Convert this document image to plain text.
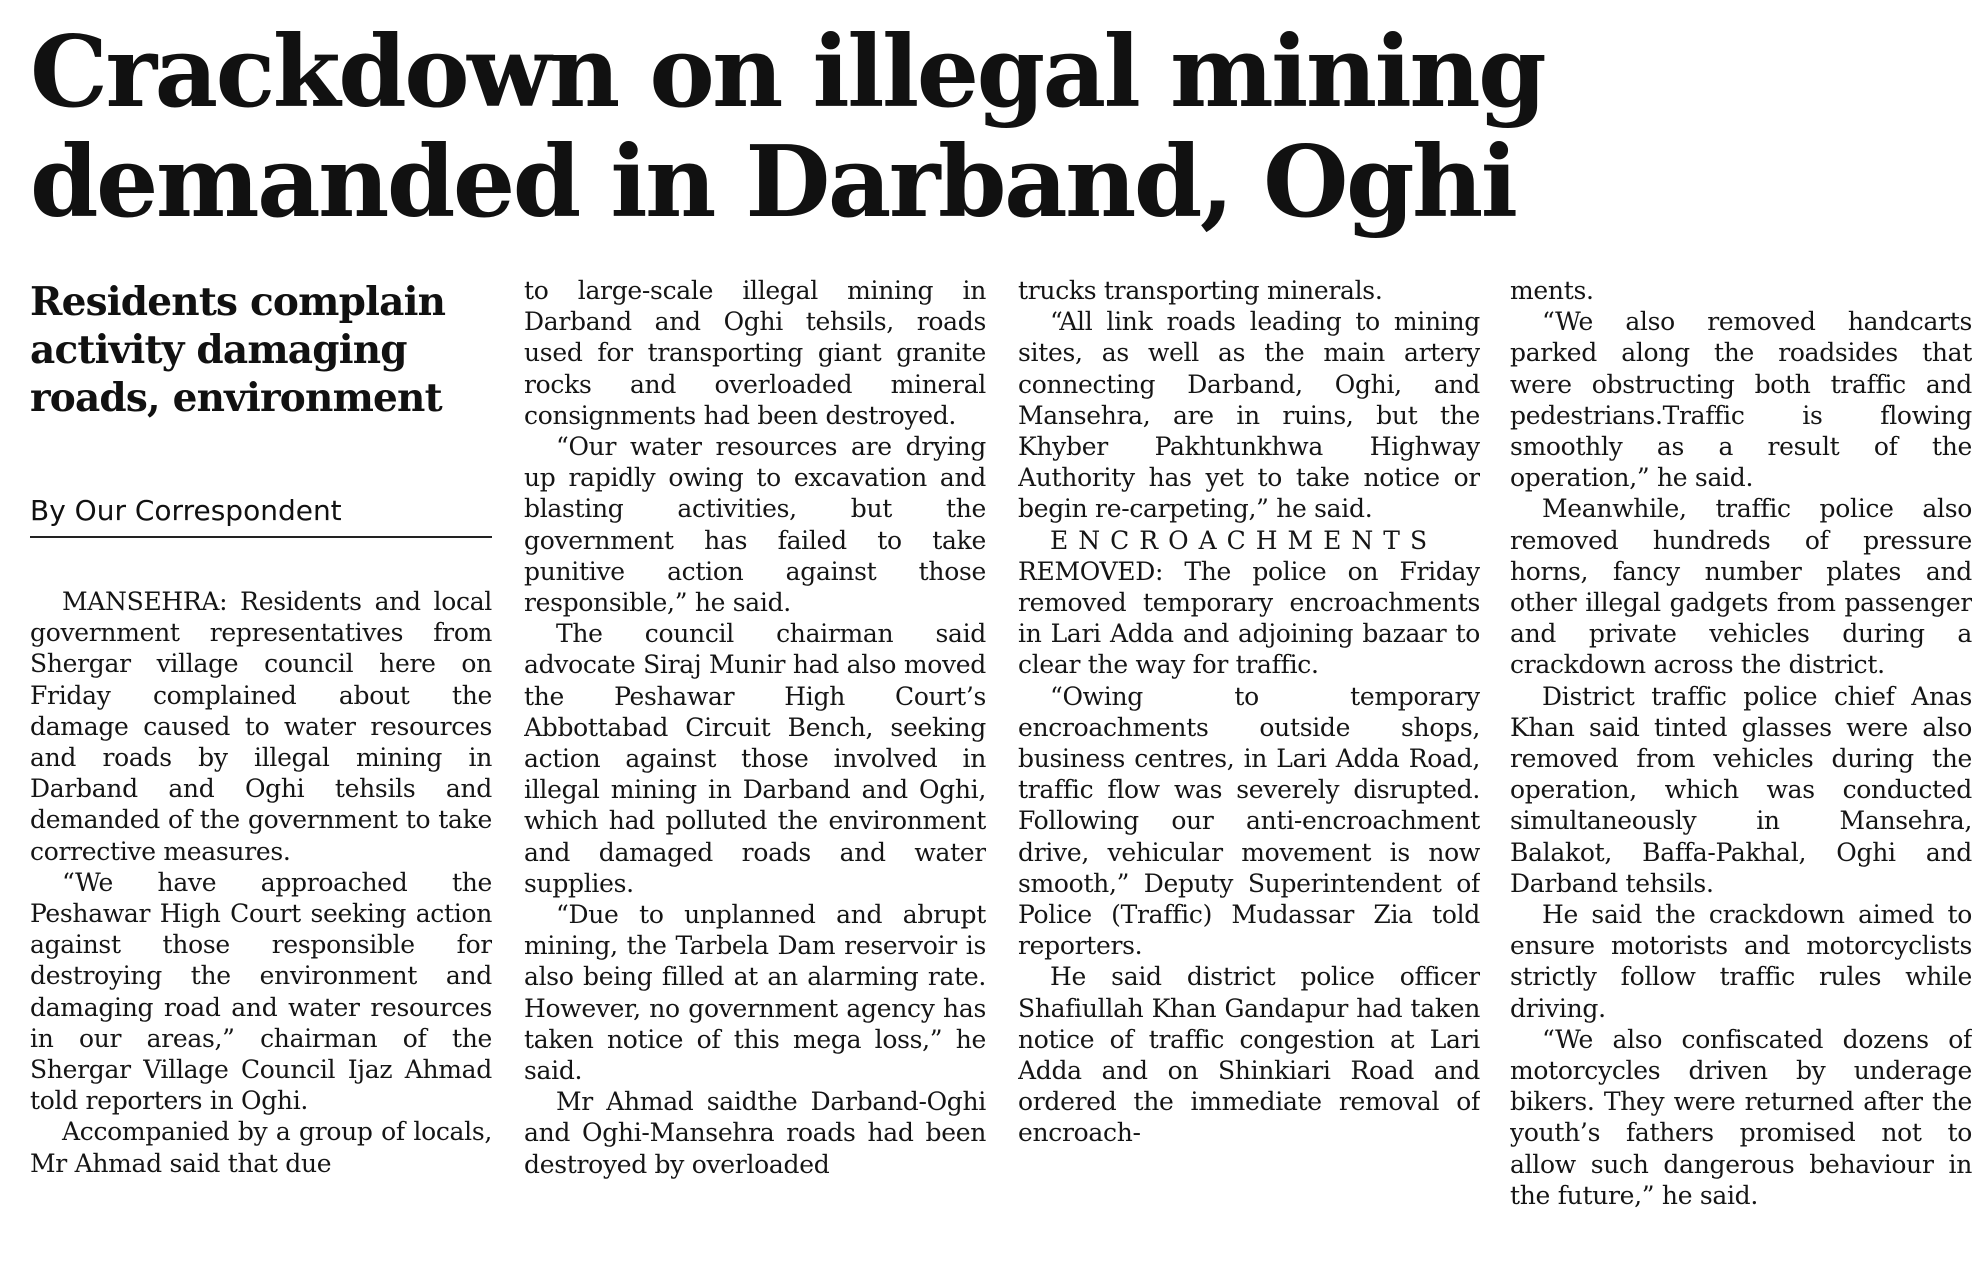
Crackdown on illegal mining demanded in Darband, Oghi
Residents complain activity damaging roads, environment
By Our Correspondent

MANSEHRA: Residents and local government representatives from Shergar village council here on Friday complained about the damage caused to water resources and roads by illegal mining in Darband and Oghi tehsils and demanded of the government to take corrective measures.

“We have approached the Peshawar High Court seeking action against those responsible for destroying the environment and damaging road and water resources in our areas,” chairman of the Shergar Village Council Ijaz Ahmad told reporters in Oghi.

Accompanied by a group of locals, Mr Ahmad said that due

to large-scale illegal mining in Darband and Oghi tehsils, roads used for transporting giant granite rocks and overloaded mineral consignments had been destroyed.

“Our water resources are drying up rapidly owing to excavation and blasting activities, but the government has failed to take punitive action against those responsible,” he said.

The council chairman said advocate Siraj Munir had also moved the Peshawar High Court’s Abbottabad Circuit Bench, seeking action against those involved in illegal mining in Darband and Oghi, which had polluted the environment and damaged roads and water supplies.

“Due to unplanned and abrupt mining, the Tarbela Dam reservoir is also being filled at an alarming rate. However, no government agency has taken notice of this mega loss,” he said.

Mr Ahmad saidthe Darband-Oghi and Oghi-Mansehra roads had been destroyed by overloaded

trucks transporting minerals.

“All link roads leading to mining sites, as well as the main artery connecting Darband, Oghi, and Mansehra, are in ruins, but the Khyber Pakhtunkhwa Highway Authority has yet to take notice or begin re-carpeting,” he said.

ENCROACHMENTS

REMOVED: The police on Friday removed temporary encroachments in Lari Adda and adjoining bazaar to clear the way for traffic.

“Owing to temporary encroachments outside shops, business centres, in Lari Adda Road, traffic flow was severely disrupted. Following our anti-encroachment drive, vehicular movement is now smooth,” Deputy Superintendent of Police (Traffic) Mudassar Zia told reporters.

He said district police officer Shafiullah Khan Gandapur had taken notice of traffic congestion at Lari Adda and on Shinkiari Road and ordered the immediate removal of encroach-

ments.

“We also removed handcarts parked along the roadsides that were obstructing both traffic and pedestrians.Traffic is flowing smoothly as a result of the operation,” he said.

Meanwhile, traffic police also removed hundreds of pressure horns, fancy number plates and other illegal gadgets from passenger and private vehicles during a crackdown across the district.

District traffic police chief Anas Khan said tinted glasses were also removed from vehicles during the operation, which was conducted simultaneously in Mansehra, Balakot, Baffa-Pakhal, Oghi and Darband tehsils.

He said the crackdown aimed to ensure motorists and motorcyclists strictly follow traffic rules while driving.

“We also confiscated dozens of motorcycles driven by underage bikers. They were returned after the youth’s fathers promised not to allow such dangerous behaviour in the future,” he said.
